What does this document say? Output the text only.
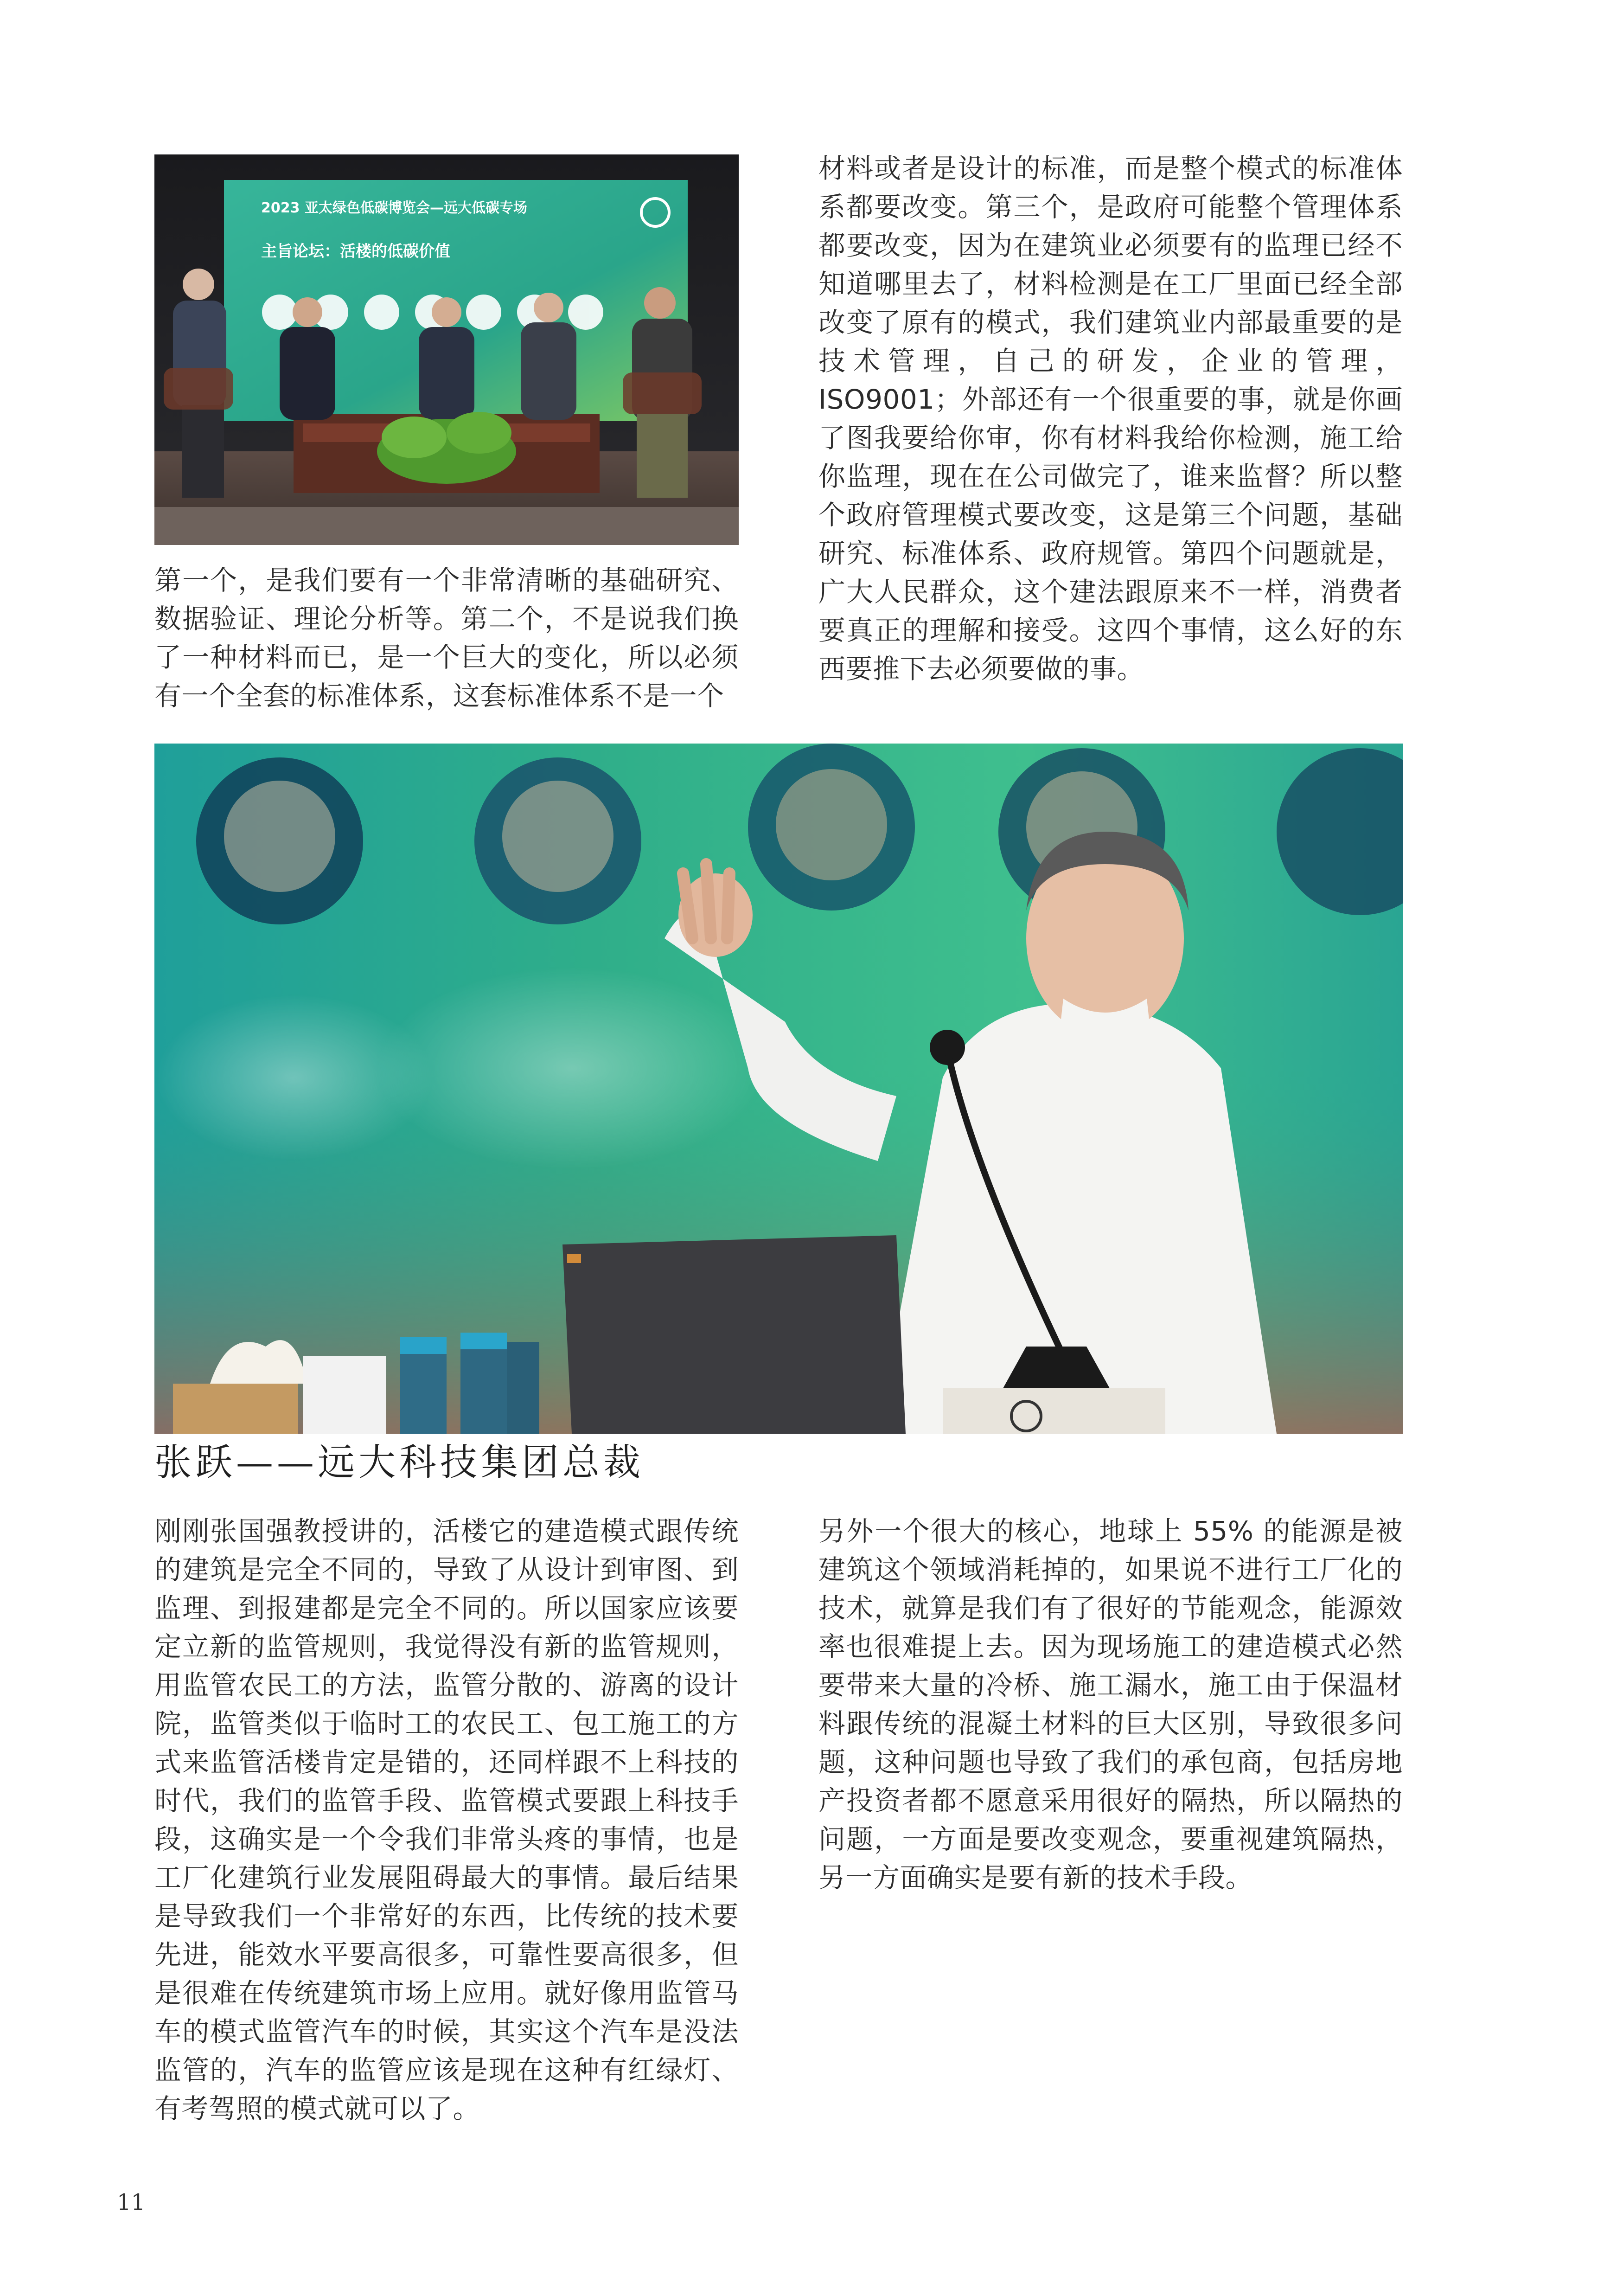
2023 亚太绿色低碳博览会—远大低碳专场
主旨论坛：活楼的低碳价值

第一个，是我们要有一个非常清晰的基础研究、数据验证、理论分析等。第二个，不是说我们换了一种材料而已，是一个巨大的变化，所以必须有一个全套的标准体系，这套标准体系不是一个

材料或者是设计的标准，而是整个模式的标准体系都要改变。第三个，是政府可能整个管理体系都要改变，因为在建筑业必须要有的监理已经不知道哪里去了，材料检测是在工厂里面已经全部改变了原有的模式，我们建筑业内部最重要的是技术管理，自己的研发，企业的管理，ISO9001；外部还有一个很重要的事，就是你画了图我要给你审，你有材料我给你检测，施工给你监理，现在在公司做完了，谁来监督？所以整个政府管理模式要改变，这是第三个问题，基础研究、标准体系、政府规管。第四个问题就是，广大人民群众，这个建法跟原来不一样，消费者要真正的理解和接受。这四个事情，这么好的东西要推下去必须要做的事。

张跃——远大科技集团总裁

刚刚张国强教授讲的，活楼它的建造模式跟传统的建筑是完全不同的，导致了从设计到审图、到监理、到报建都是完全不同的。所以国家应该要定立新的监管规则，我觉得没有新的监管规则，用监管农民工的方法，监管分散的、游离的设计院，监管类似于临时工的农民工、包工施工的方式来监管活楼肯定是错的，还同样跟不上科技的时代，我们的监管手段、监管模式要跟上科技手段，这确实是一个令我们非常头疼的事情，也是工厂化建筑行业发展阻碍最大的事情。最后结果是导致我们一个非常好的东西，比传统的技术要先进，能效水平要高很多，可靠性要高很多，但是很难在传统建筑市场上应用。就好像用监管马车的模式监管汽车的时候，其实这个汽车是没法监管的，汽车的监管应该是现在这种有红绿灯、有考驾照的模式就可以了。

另外一个很大的核心，地球上 55% 的能源是被建筑这个领域消耗掉的，如果说不进行工厂化的技术，就算是我们有了很好的节能观念，能源效率也很难提上去。因为现场施工的建造模式必然要带来大量的冷桥、施工漏水，施工由于保温材料跟传统的混凝土材料的巨大区别，导致很多问题，这种问题也导致了我们的承包商，包括房地产投资者都不愿意采用很好的隔热，所以隔热的问题，一方面是要改变观念，要重视建筑隔热，另一方面确实是要有新的技术手段。

11
